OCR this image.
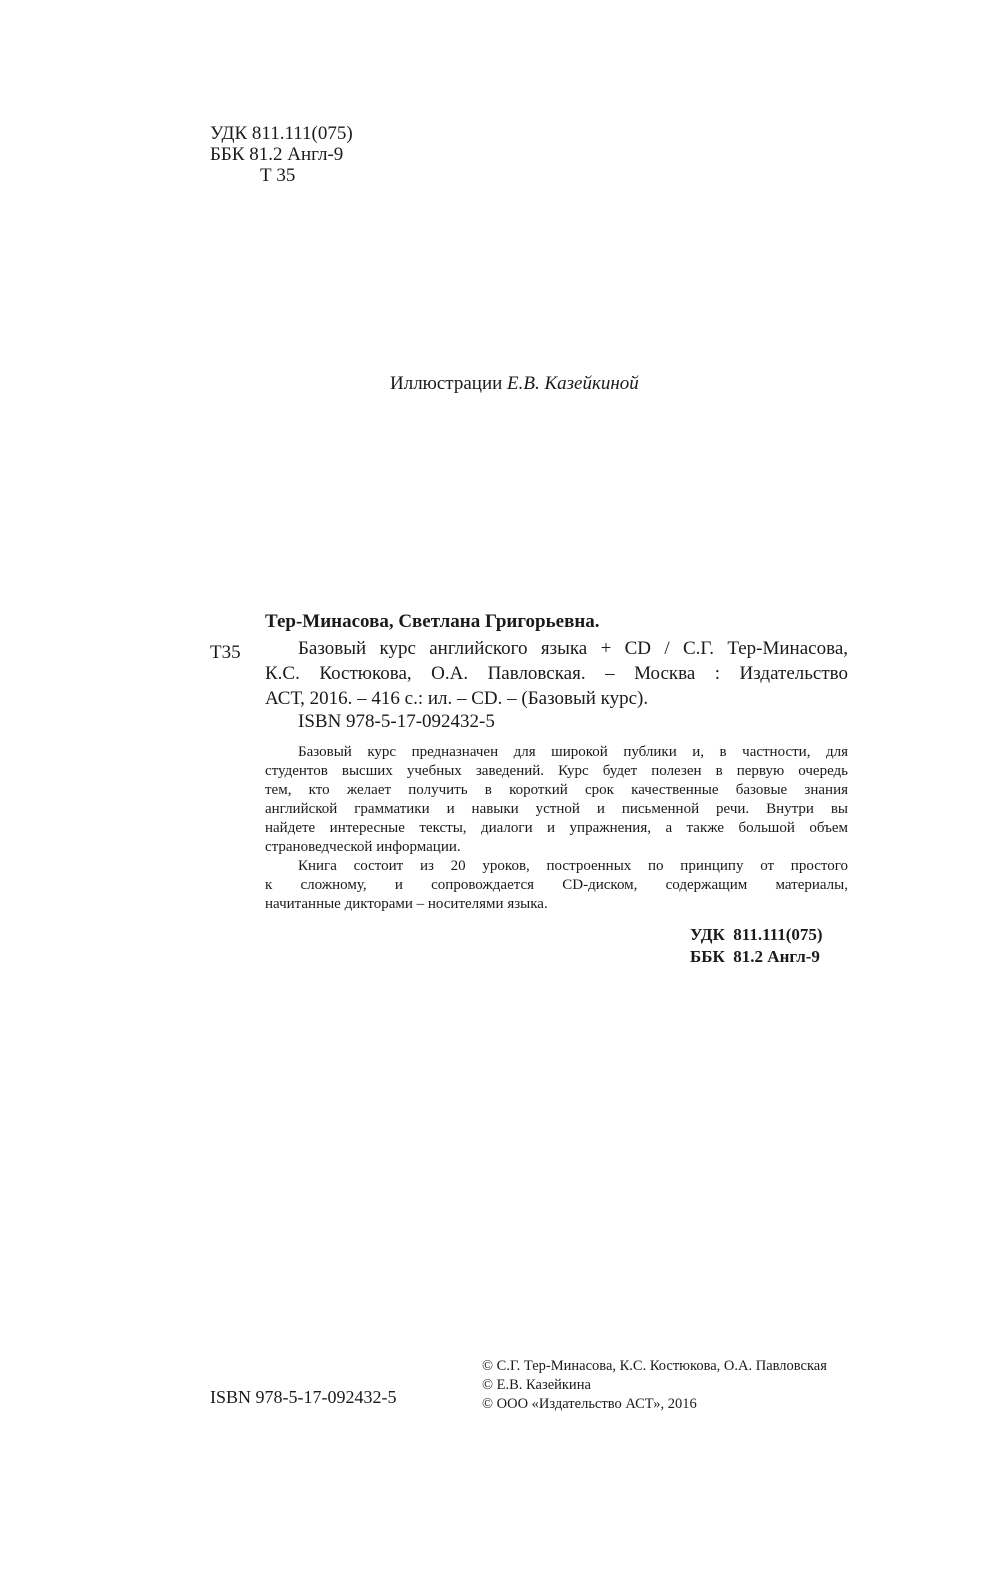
УДК 811.111(075)
ББК 81.2 Англ-9
Т 35
Иллюстрации Е.В. Казейкиной
Тер-Минасова, Светлана Григорьевна.
Т35	Базовый курс английского языка + CD / С.Г. Тер-Минасова,
К.С. Костюкова, О.А. Павловская. – Москва : Издательство
АСТ, 2016. – 416 с.: ил. – CD. – (Базовый курс).
ISBN 978-5-17-092432-5
Базовый курс предназначен для широкой публики и, в частности, для
студентов высших учебных заведений. Курс будет полезен в первую очередь
тем, кто желает получить в короткий срок качественные базовые знания
английской грамматики и навыки устной и письменной речи. Внутри вы
найдете интересные тексты, диалоги и упражнения, а также большой объем
страноведческой информации.
Книга состоит из 20 уроков, построенных по принципу от простого
к сложному, и сопровождается CD-диском, содержащим материалы,
начитанные дикторами – носителями языка.
УДК  811.111(075)
ББК  81.2 Англ-9
© С.Г. Тер-Минасова, К.С. Костюкова, О.А. Павловская
© Е.В. Казейкина
© ООО «Издательство АСТ», 2016
ISBN 978-5-17-092432-5
